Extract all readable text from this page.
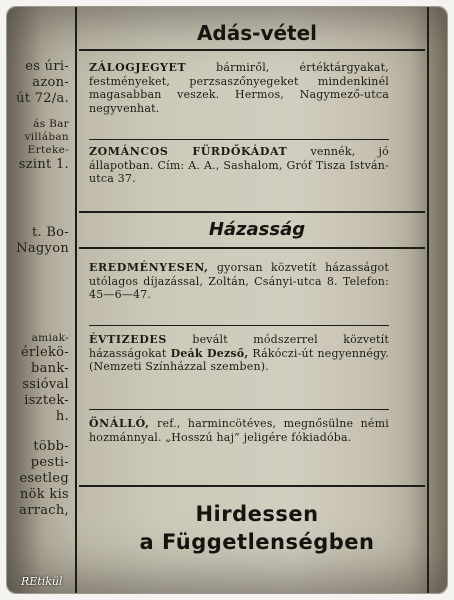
es úri-
azon-
út 72/a.
ás Bar
villában
Erteke-
szint 1.
t. Bo-
Nagyon
amiak-
érlekö-
bank-
ssióval
isztek-
h.
több-
pesti-
esetleg
nök kis
arrach,
Adás-vétel
ZÁLOGJEGYET bármiről, értéktárgyakat, festményeket, perzsaszőnyegeket mindenkinél magasabban veszek. Hermos, Nagymező-utca negyvenhat.
ZOMÁNCOS FÜRDŐKÁDAT vennék, jó állapotban. Cím: A. A., Sashalom, Gróf Tisza István-utca 37.
Házasság
EREDMÉNYESEN, gyorsan közvetít házasságot utólagos díjazással, Zoltán, Csányi-utca 8. Telefon: 45—6—47.
ÉVTIZEDES bevált módszerrel közvetít házasságokat Deák Dezső, Rákóczi-út negyennégy. (Nemzeti Színházzal szemben).
ÖNÁLLÓ, ref., harmincötéves, megnősülne némi hozmánnyal. „Hosszú haj” jeligére fókiadóba.
Hirdessen
a Függetlenségben
REtikül
